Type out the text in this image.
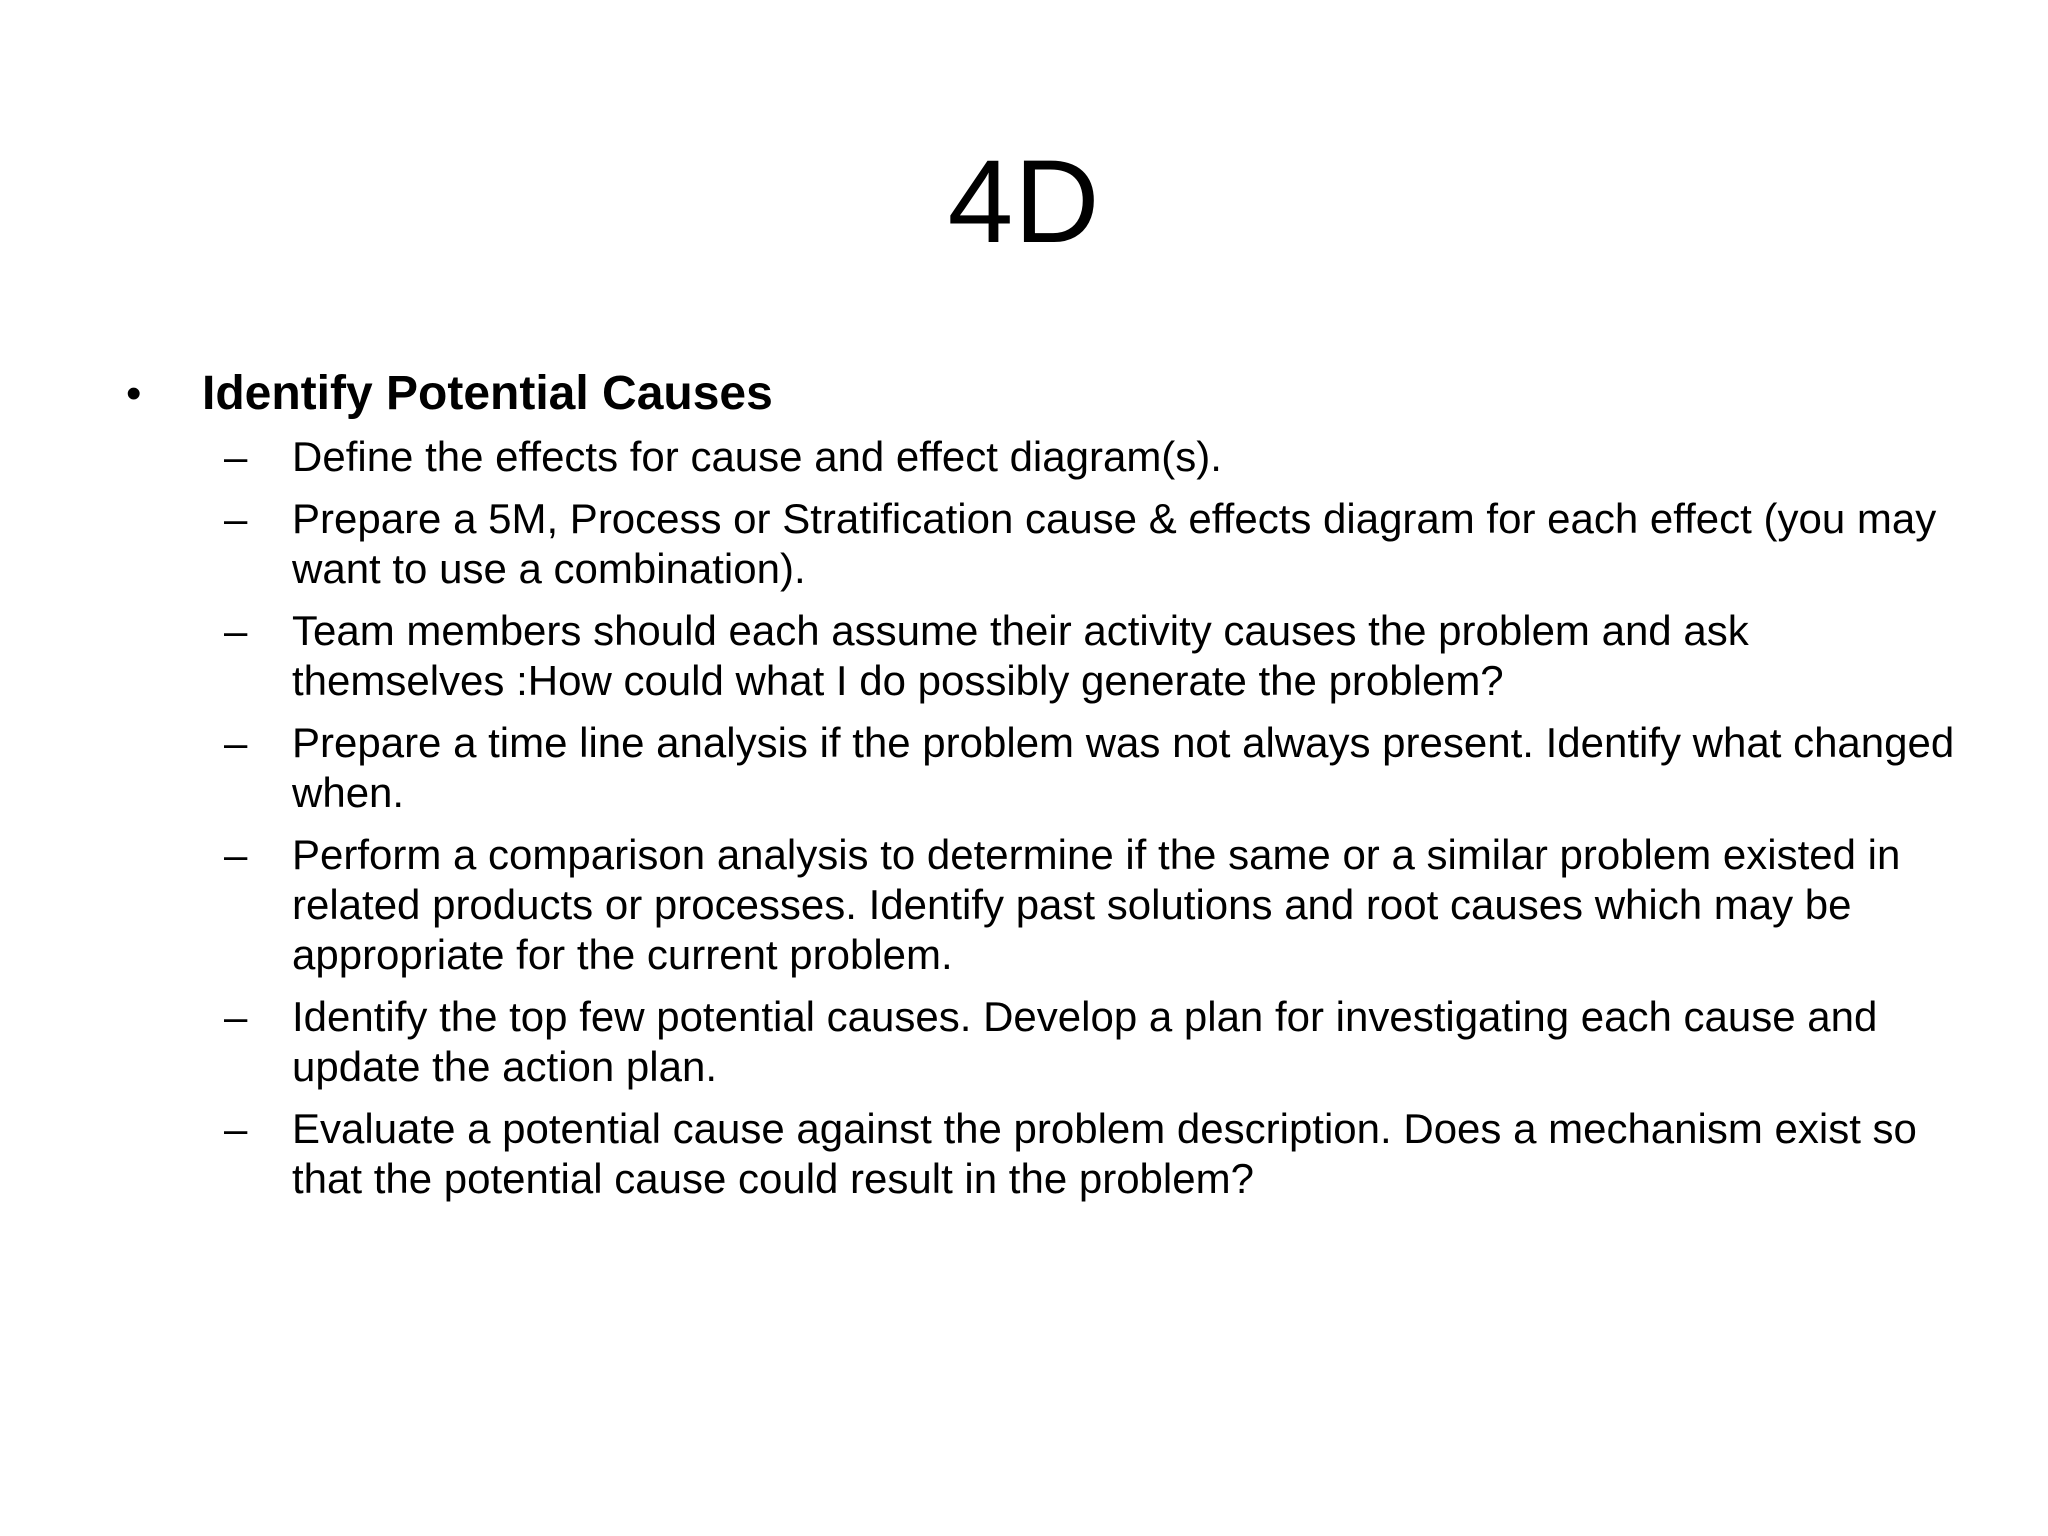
4D
• Identify Potential Causes
– Define the effects for cause and effect diagram(s).
– Prepare a 5M, Process or Stratification cause & effects diagram for each effect (you may want to use a combination).
– Team members should each assume their activity causes the problem and ask themselves :How could what I do possibly generate the problem?
– Prepare a time line analysis if the problem was not always present. Identify what changed when.
– Perform a comparison analysis to determine if the same or a similar problem existed in related products or processes. Identify past solutions and root causes which may be appropriate for the current problem.
– Identify the top few potential causes. Develop a plan for investigating each cause and update the action plan.
– Evaluate a potential cause against the problem description. Does a mechanism exist so that the potential cause could result in the problem?
